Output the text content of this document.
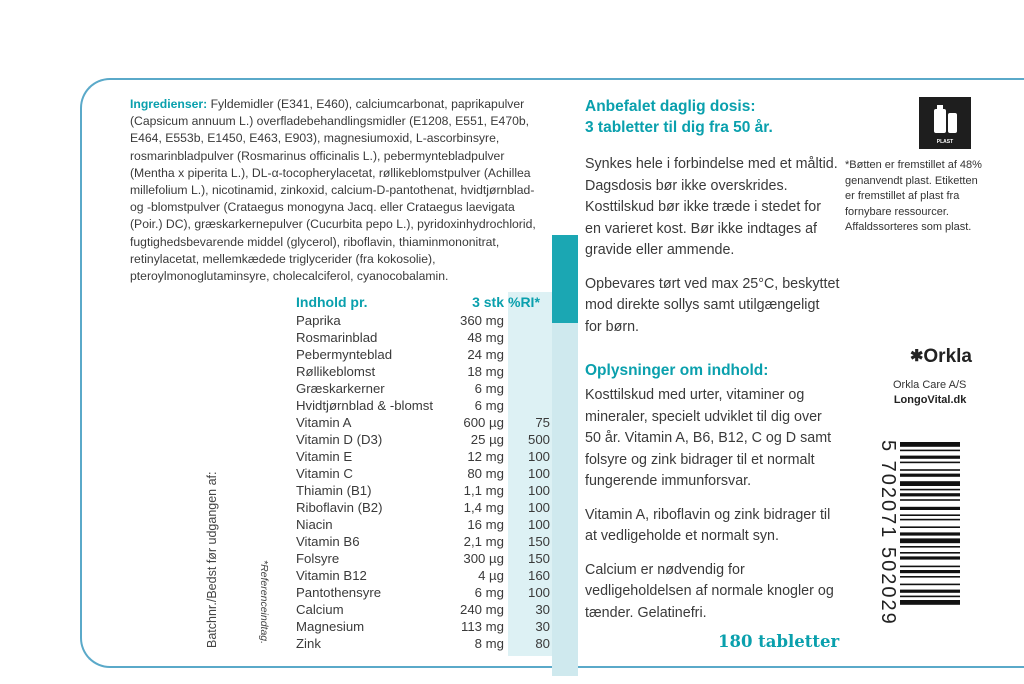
Ingredienser: Fyldemidler (E341, E460), calciumcarbonat, paprikapulver (Capsicum annuum L.) overfladebehandlingsmidler (E1208, E551, E470b, E464, E553b, E1450, E463, E903), magnesiumoxid, L-ascorbinsyre, rosmarinbladpulver (Rosmarinus officinalis L.), pebermyntebladpulver (Mentha x piperita L.), DL-α-tocopherylacetat, røllikeblomstpulver (Achillea millefolium L.), nicotinamid, zinkoxid, calcium-D-pantothenat, hvidtjørnblad- og -blomstpulver (Crataegus monogyna Jacq. eller Crataegus laevigata (Poir.) DC), græskarkernepulver (Cucurbita pepo L.), pyridoxinhydrochlorid, fugtighedsbevarende middel (glycerol), riboflavin, thiaminmononitrat, retinylacetat, mellemkædede triglycerider (fra kokosolie), pteroylmonoglutaminsyre, cholecalciferol, cyanocobalamin.

Batchnr./Bedst før udgangen af:	*Referenceindtag.
Indhold pr.	3 stk %RI*
Paprika	360 mg
Rosmarinblad	48 mg
Pebermynteblad	24 mg
Røllikeblomst	18 mg
Græskarkerner	6 mg
Hvidtjørnblad & -blomst	6 mg
Vitamin A	600 µg	75
Vitamin D (D3)	25 µg	500
Vitamin E	12 mg	100
Vitamin C	80 mg	100
Thiamin (B1)	1,1 mg	100
Riboflavin (B2)	1,4 mg	100
Niacin	16 mg	100
Vitamin B6	2,1 mg	150
Folsyre	300 µg	150
Vitamin B12	4 µg	160
Pantothensyre	6 mg	100
Calcium	240 mg	30
Magnesium	113 mg	30
Zink	8 mg	80
Anbefalet daglig dosis:
3 tabletter til dig fra 50 år.

Synkes hele i forbindelse med et måltid. Dagsdosis bør ikke overskrides. Kosttilskud bør ikke træde i stedet for en varieret kost. Bør ikke indtages af gravide eller ammende.

Opbevares tørt ved max 25°C, beskyttet mod direkte sollys samt utilgængeligt for børn.

Oplysninger om indhold:

Kosttilskud med urter, vitaminer og mineraler, specielt udviklet til dig over 50 år. Vitamin A, B6, B12, C og D samt folsyre og zink bidrager til et normalt fungerende immunforsvar.

Vitamin A, riboflavin og zink bidrager til at vedligeholde et normalt syn.

Calcium er nødvendig for vedligeholdelsen af normale knogler og tænder. Gelatinefri.

180 tabletter
PLAST
*Bøtten er fremstillet af 48% genanvendt plast. Etiketten er fremstillet af plast fra fornybare ressourcer. Affaldssorteres som plast.
✱Orkla
Orkla Care A/S
LongoVital.dk
5 702071 502029
